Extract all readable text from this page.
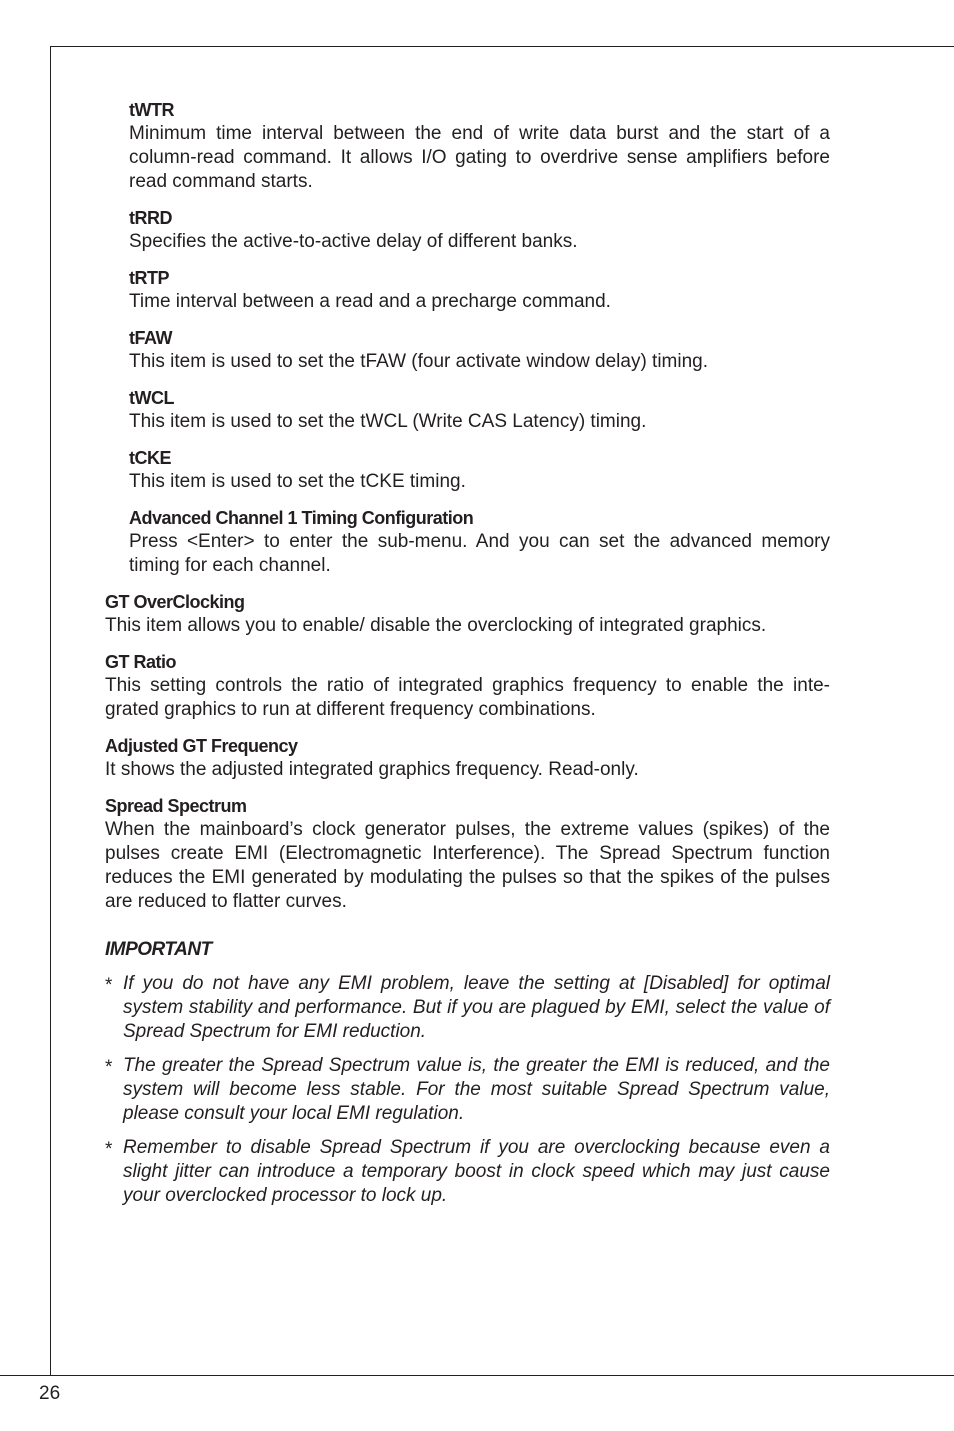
tWTR
Minimum time interval between the end of write data burst and the start of a column-read command. It allows I/O gating to overdrive sense amplifiers before read command starts.
tRRD
Specifies the active-to-active delay of different banks.
tRTP
Time interval between a read and a precharge command.
tFAW
This item is used to set the tFAW (four activate window delay) timing.
tWCL
This item is used to set the tWCL (Write CAS Latency) timing.
tCKE
This item is used to set the tCKE timing.
Advanced Channel 1 Timing Configuration
Press <Enter> to enter the sub-menu. And you can set the advanced memory timing for each channel.
GT OverClocking
This item allows you to enable/ disable the overclocking of integrated graphics.
GT Ratio
This setting controls the ratio of integrated graphics frequency to enable the inte-grated graphics to run at different frequency combinations.
Adjusted GT Frequency
It shows the adjusted integrated graphics frequency. Read-only.
Spread Spectrum
When the mainboard’s clock generator pulses, the extreme values (spikes) of the pulses create EMI (Electromagnetic Interference). The Spread Spectrum function reduces the EMI generated by modulating the pulses so that the spikes of the pulses are reduced to flatter curves.
IMPORTANT
* If you do not have any EMI problem, leave the setting at [Disabled] for optimal system stability and performance. But if you are plagued by EMI, select the value of Spread Spectrum for EMI reduction.
* The greater the Spread Spectrum value is, the greater the EMI is reduced, and the system will become less stable. For the most suitable Spread Spectrum value, please consult your local EMI regulation.
* Remember to disable Spread Spectrum if you are overclocking because even a slight jitter can introduce a temporary boost in clock speed which may just cause your overclocked processor to lock up.
26
